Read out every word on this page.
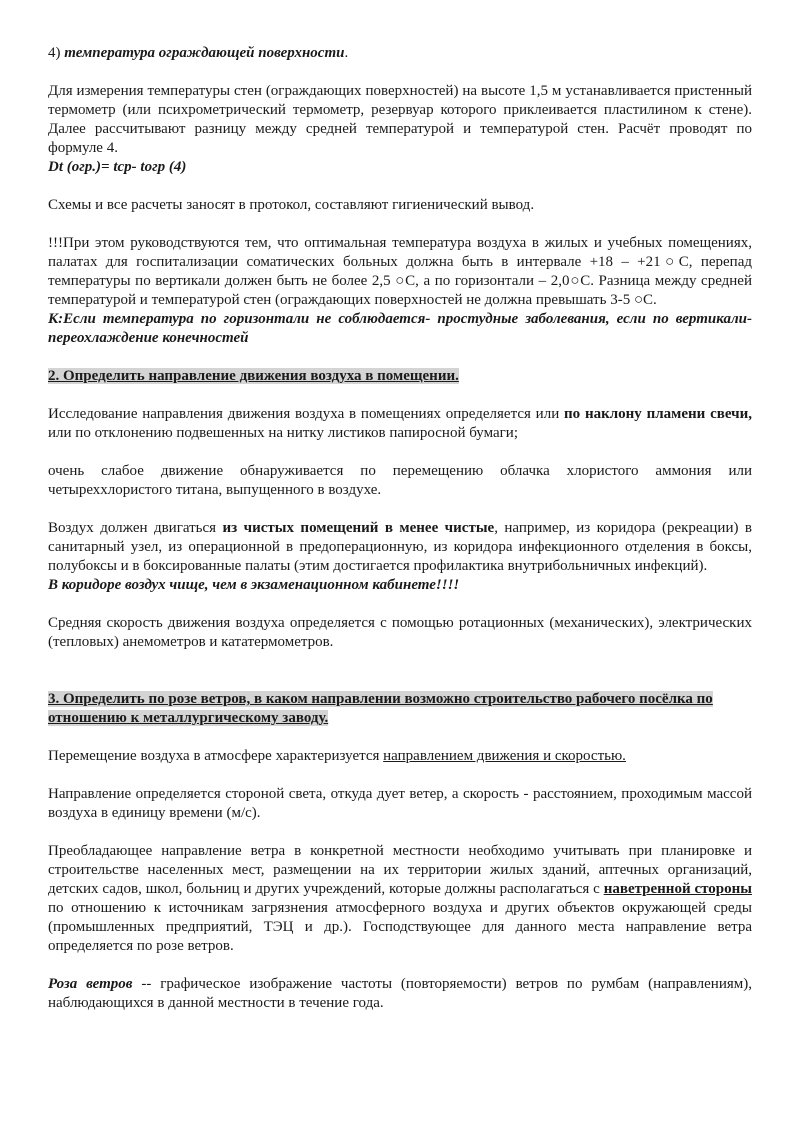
4) температура ограждающей поверхности.

Для измерения температуры стен (ограждающих поверхностей) на высоте 1,5 м устанавливается пристенный термометр (или психрометрический термометр, резервуар которого приклеивается пластилином к стене). Далее рассчитывают разницу между средней температурой и температурой стен. Расчёт проводят по формуле 4.

Dt (огр.)= tср- tогр (4)

Схемы и все расчеты заносят в протокол, составляют гигиенический вывод.

!!!При этом руководствуются тем, что оптимальная температура воздуха в жилых и учебных помещениях, палатах для госпитализации соматических больных должна быть в интервале +18 – +21○С, перепад температуры по вертикали должен быть не более 2,5 ○С, а по горизонтали – 2,0○С. Разница между средней температурой и температурой стен (ограждающих поверхностей не должна превышать 3-5 ○С.

К:Если температура по горизонтали не соблюдается- простудные заболевания, если по вертикали-переохлаждение конечностей

2. Определить направление движения воздуха в помещении.

Исследование направления движения воздуха в помещениях определяется или по наклону пламени свечи, или по отклонению подвешенных на нитку листиков папиросной бумаги;

очень слабое движение обнаруживается по перемещению облачка хлористого аммония или четыреххлористого титана, выпущенного в воздухе.

Воздух должен двигаться из чистых помещений в менее чистые, например, из коридора (рекреации) в санитарный узел, из операционной в предоперационную, из коридора инфекционного отделения в боксы, полубоксы и в боксированные палаты (этим достигается профилактика внутрибольничных инфекций).

В коридоре воздух чище, чем в экзаменационном кабинете!!!!

Средняя скорость движения воздуха определяется с помощью ротационных (механических), электрических (тепловых) анемометров и кататермометров.

3. Определить по розе ветров, в каком направлении возможно строительство рабочего посёлка по отношению к металлургическому заводу.

Перемещение воздуха в атмосфере характеризуется направлением движения и скоростью.

Направление определяется стороной света, откуда дует ветер, а скорость - расстоянием, проходимым массой воздуха в единицу времени (м/с).

Преобладающее направление ветра в конкретной местности необходимо учитывать при планировке и строительстве населенных мест, размещении на их территории жилых зданий, аптечных организаций, детских садов, школ, больниц и других учреждений, которые должны располагаться с наветренной стороны по отношению к источникам загрязнения атмосферного воздуха и других объектов окружающей среды (промышленных предприятий, ТЭЦ и др.). Господствующее для данного места направление ветра определяется по розе ветров.

Роза ветров -- графическое изображение частоты (повторяемости) ветров по румбам (направлениям), наблюдающихся в данной местности в течение года.
